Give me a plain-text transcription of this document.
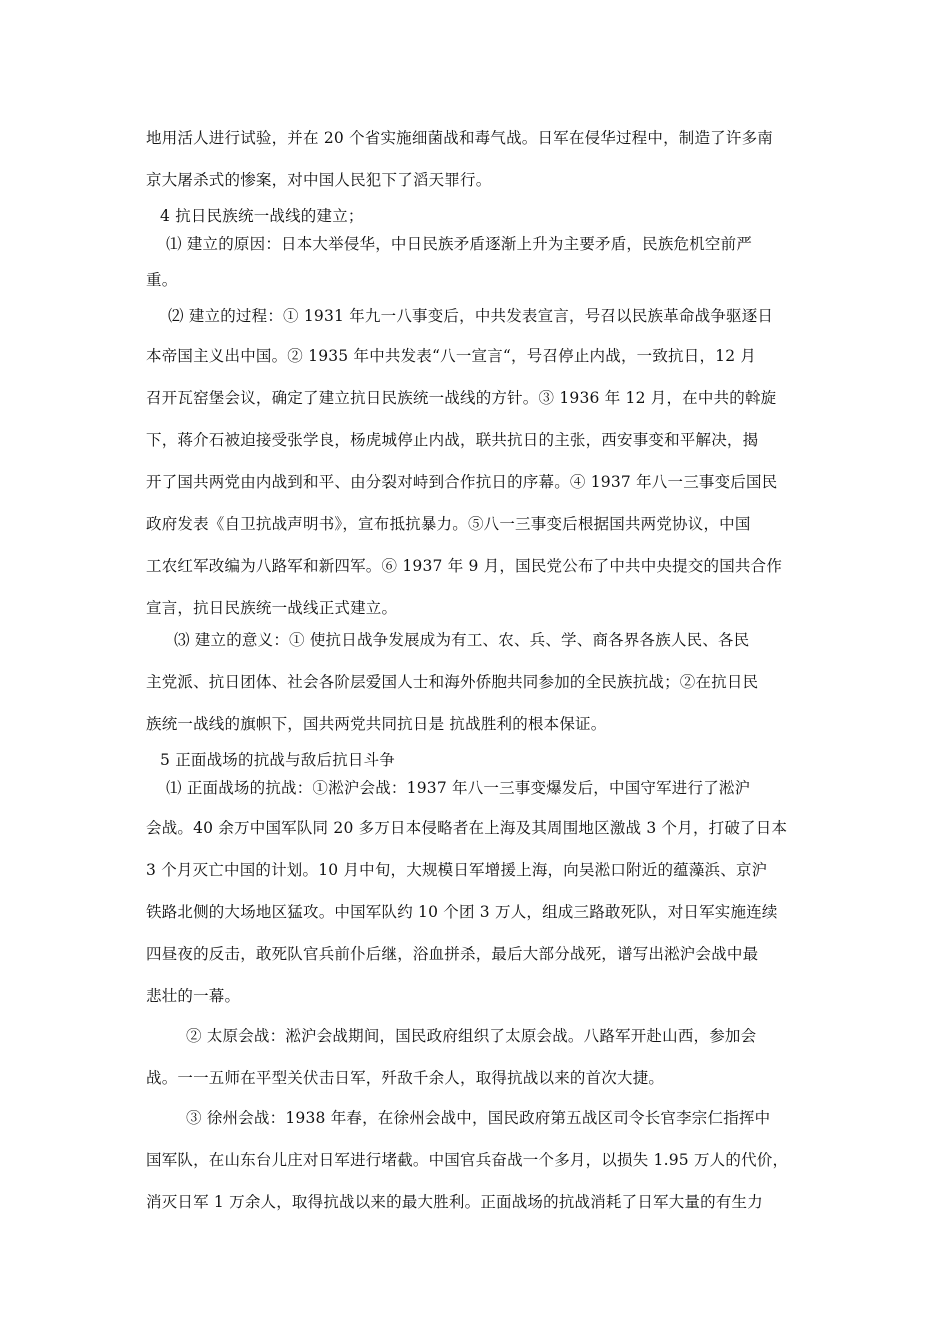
地用活人进行试验，并在 20 个省实施细菌战和毒气战。日军在侵华过程中，制造了许多南
京大屠杀式的惨案，对中国人民犯下了滔天罪行。
4 抗日民族统一战线的建立；
⑴ 建立的原因：日本大举侵华，中日民族矛盾逐渐上升为主要矛盾，民族危机空前严
重。
⑵ 建立的过程：① 1931 年九一八事变后，中共发表宣言，号召以民族革命战争驱逐日
本帝国主义出中国。② 1935 年中共发表“八一宣言“，号召停止内战，一致抗日，12 月
召开瓦窑堡会议，确定了建立抗日民族统一战线的方针。③ 1936 年 12 月，在中共的斡旋
下，蒋介石被迫接受张学良，杨虎城停止内战，联共抗日的主张，西安事变和平解决，揭
开了国共两党由内战到和平、由分裂对峙到合作抗日的序幕。④ 1937 年八一三事变后国民
政府发表《自卫抗战声明书》，宣布抵抗暴力。⑤八一三事变后根据国共两党协议，中国
工农红军改编为八路军和新四军。⑥ 1937 年 9 月，国民党公布了中共中央提交的国共合作
宣言，抗日民族统一战线正式建立。
⑶ 建立的意义：① 使抗日战争发展成为有工、农、兵、学、商各界各族人民、各民
主党派、抗日团体、社会各阶层爱国人士和海外侨胞共同参加的全民族抗战；②在抗日民
族统一战线的旗帜下，国共两党共同抗日是 抗战胜利的根本保证。
5 正面战场的抗战与敌后抗日斗争
⑴ 正面战场的抗战：①淞沪会战：1937 年八一三事变爆发后，中国守军进行了淞沪
会战。40 余万中国军队同 20 多万日本侵略者在上海及其周围地区激战 3 个月，打破了日本
3 个月灭亡中国的计划。10 月中旬，大规模日军增援上海，向吴淞口附近的蕴藻浜、京沪
铁路北侧的大场地区猛攻。中国军队约 10 个团 3 万人，组成三路敢死队，对日军实施连续
四昼夜的反击，敢死队官兵前仆后继，浴血拼杀，最后大部分战死，谱写出淞沪会战中最
悲壮的一幕。
② 太原会战：淞沪会战期间，国民政府组织了太原会战。八路军开赴山西，参加会
战。一一五师在平型关伏击日军，歼敌千余人，取得抗战以来的首次大捷。
③ 徐州会战：1938 年春，在徐州会战中，国民政府第五战区司令长官李宗仁指挥中
国军队，在山东台儿庄对日军进行堵截。中国官兵奋战一个多月，以损失 1.95 万人的代价，
消灭日军 1 万余人，取得抗战以来的最大胜利。正面战场的抗战消耗了日军大量的有生力
